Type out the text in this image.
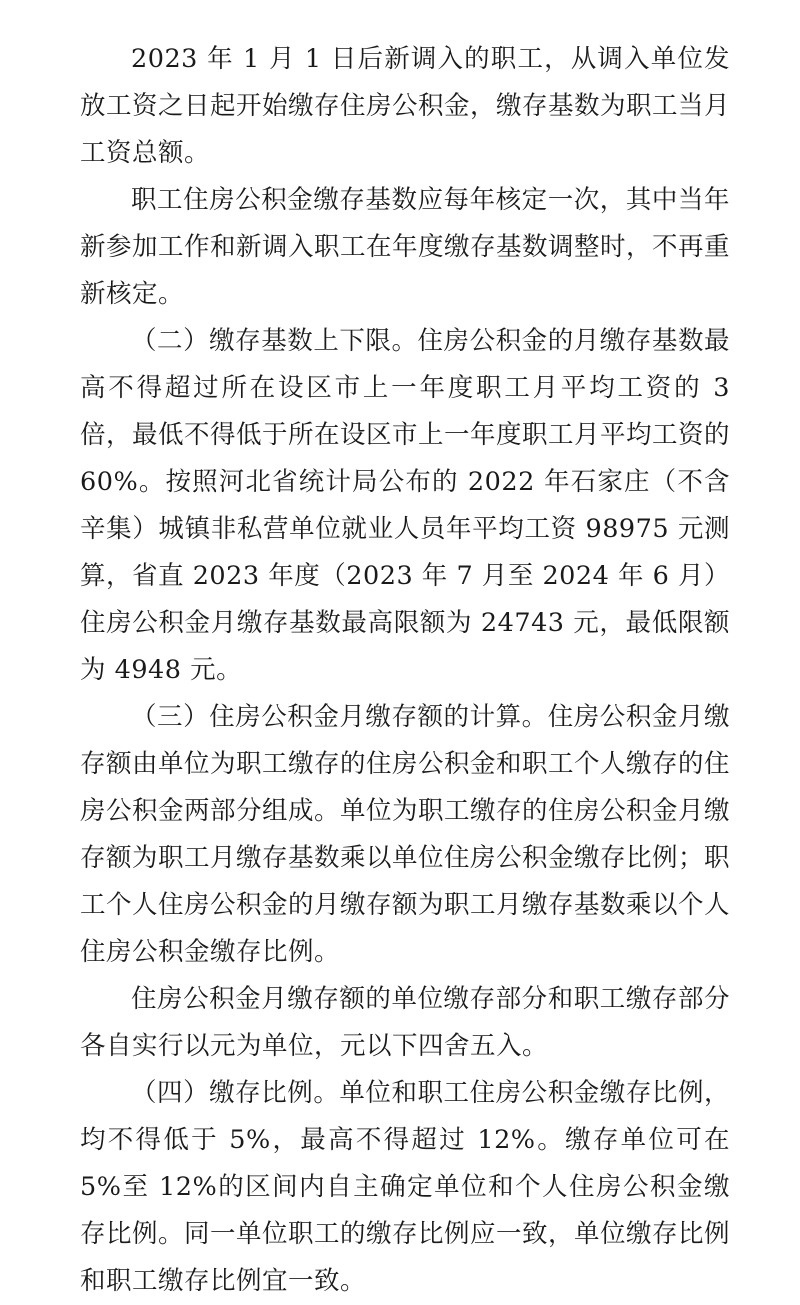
2023 年 1 月 1 日后新调入的职工，从调入单位发放工资之日起开始缴存住房公积金，缴存基数为职工当月工资总额。

职工住房公积金缴存基数应每年核定一次，其中当年新参加工作和新调入职工在年度缴存基数调整时，不再重新核定。

（二）缴存基数上下限。住房公积金的月缴存基数最高不得超过所在设区市上一年度职工月平均工资的 3 倍，最低不得低于所在设区市上一年度职工月平均工资的 60%。按照河北省统计局公布的 2022 年石家庄（不含辛集）城镇非私营单位就业人员年平均工资 98975 元测算，省直 2023 年度（2023 年 7 月至 2024 年 6 月）住房公积金月缴存基数最高限额为 24743 元，最低限额为 4948 元。

（三）住房公积金月缴存额的计算。住房公积金月缴存额由单位为职工缴存的住房公积金和职工个人缴存的住房公积金两部分组成。单位为职工缴存的住房公积金月缴存额为职工月缴存基数乘以单位住房公积金缴存比例；职工个人住房公积金的月缴存额为职工月缴存基数乘以个人住房公积金缴存比例。

住房公积金月缴存额的单位缴存部分和职工缴存部分各自实行以元为单位，元以下四舍五入。

（四）缴存比例。单位和职工住房公积金缴存比例，均不得低于 5%，最高不得超过 12%。缴存单位可在 5%至 12%的区间内自主确定单位和个人住房公积金缴存比例。同一单位职工的缴存比例应一致，单位缴存比例和职工缴存比例宜一致。
